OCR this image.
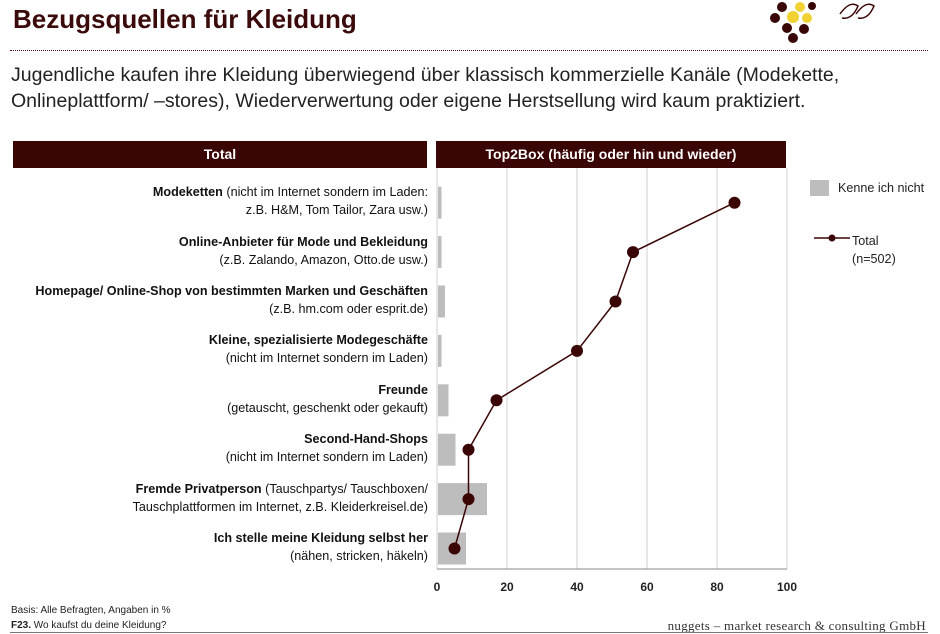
Bezugsquellen für Kleidung
Jugendliche kaufen ihre Kleidung überwiegend über klassisch kommerzielle Kanäle (Modekette,
Onlineplattform/ –stores), Wiederverwertung oder eigene Herstsellung wird kaum praktiziert.
Total	Top2Box (häufig oder hin und wieder)
Modeketten (nicht im Internet sondern im Laden:
z.B. H&M, Tom Tailor, Zara usw.)
Online-Anbieter für Mode und Bekleidung
(z.B. Zalando, Amazon, Otto.de usw.)
Homepage/ Online-Shop von bestimmten Marken und Geschäften
(z.B. hm.com oder esprit.de)
Kleine, spezialisierte Modegeschäfte
(nicht im Internet sondern im Laden)
Freunde
(getauscht, geschenkt oder gekauft)
Second-Hand-Shops
(nicht im Internet sondern im Laden)
Fremde Privatperson (Tauschpartys/ Tauschboxen/
Tauschplattformen im Internet, z.B. Kleiderkreisel.de)
Ich stelle meine Kleidung selbst her
(nähen, stricken, häkeln)
0	20	40	60	80	100
Kenne ich nicht
Total
(n=502)
Basis: Alle Befragten, Angaben in %
F23. Wo kaufst du deine Kleidung?	nuggets – market research & consulting GmbH
